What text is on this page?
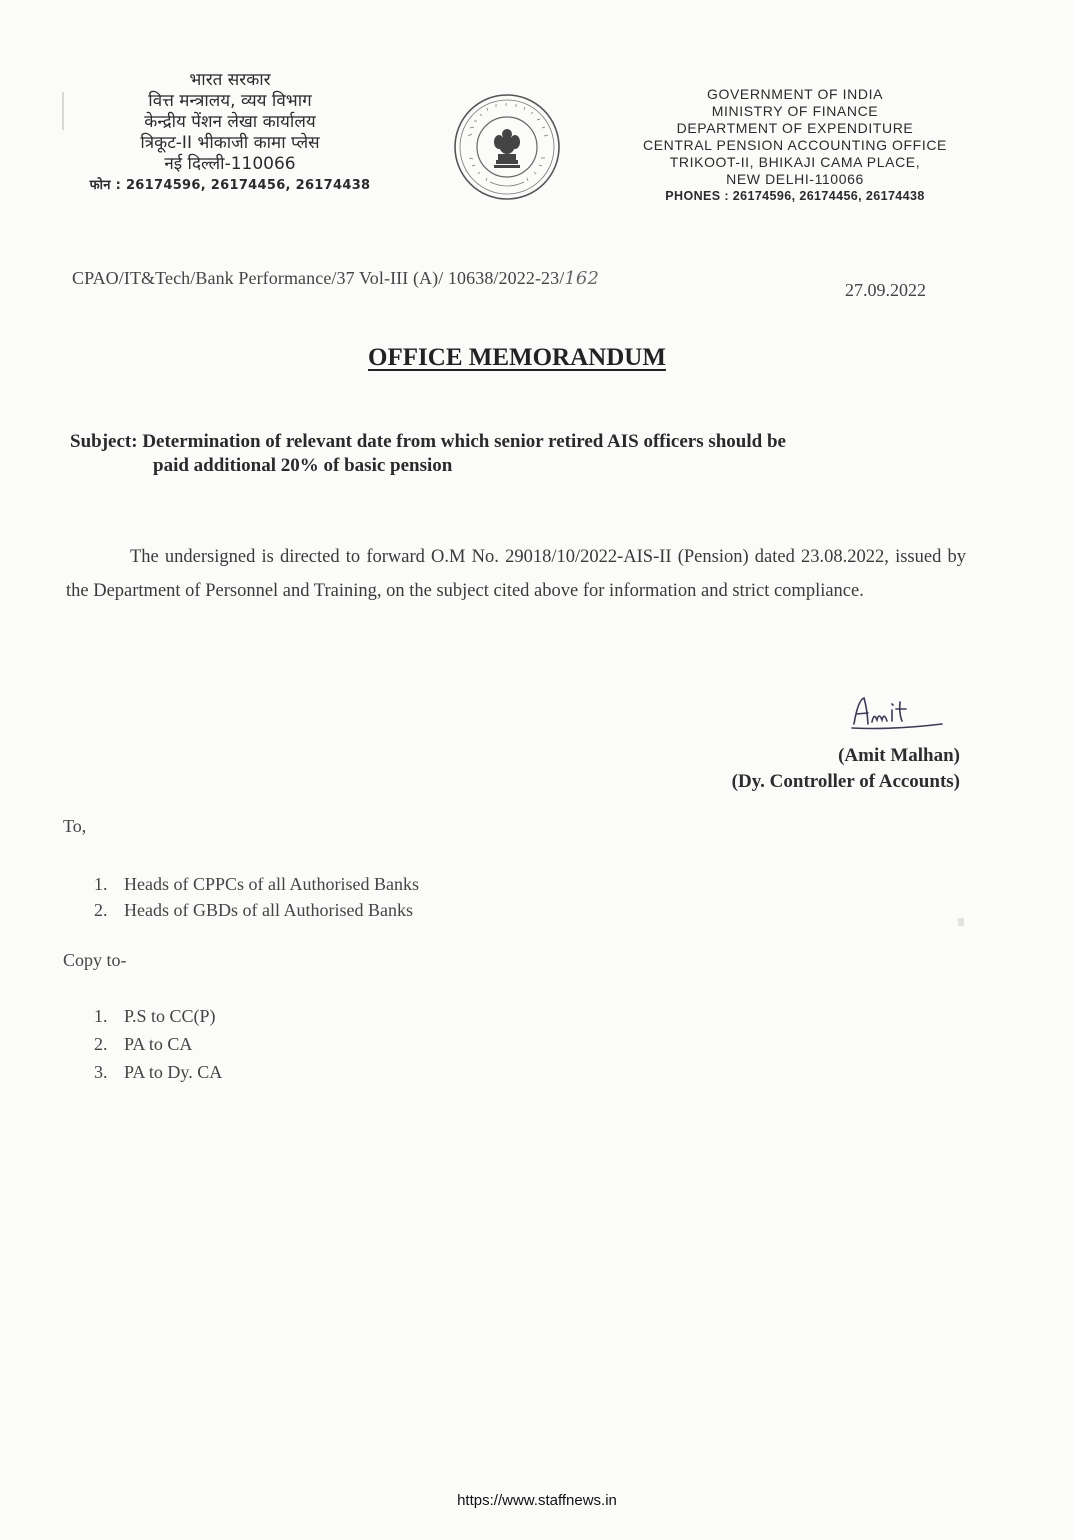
भारत सरकार
वित्त मन्त्रालय, व्यय विभाग
केन्द्रीय पेंशन लेखा कार्यालय
त्रिकूट-II भीकाजी कामा प्लेस
नई दिल्ली-110066
फोन : 26174596, 26174456, 26174438
GOVERNMENT OF INDIA
MINISTRY OF FINANCE
DEPARTMENT OF EXPENDITURE
CENTRAL PENSION ACCOUNTING OFFICE
TRIKOOT-II, BHIKAJI CAMA PLACE,
NEW DELHI-110066
PHONES : 26174596, 26174456, 26174438
CPAO/IT&Tech/Bank Performance/37 Vol-III (A)/ 10638/2022-23/162
27.09.2022
OFFICE MEMORANDUM
Subject: Determination of relevant date from which senior retired AIS officers should be
paid additional 20% of basic pension
The undersigned is directed to forward O.M No. 29018/10/2022-AIS-II (Pension) dated 23.08.2022, issued by the Department of Personnel and Training, on the subject cited above for information and strict compliance.
(Amit Malhan)
(Dy. Controller of Accounts)
To,
1. Heads of CPPCs of all Authorised Banks
2. Heads of GBDs of all Authorised Banks
Copy to-
1. P.S to CC(P)
2. PA to CA
3. PA to Dy. CA
https://www.staffnews.in
